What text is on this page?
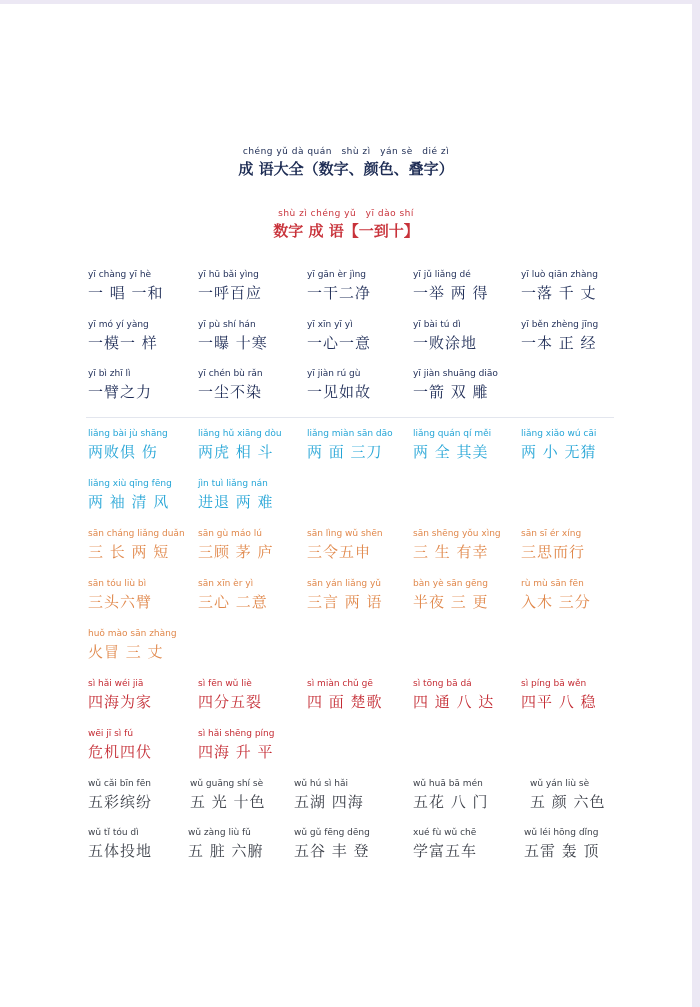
chéng yǔ dà quán　shù zì　yán sè　dié zì
成 语大全（数字、颜色、叠字）
shù zì chéng yǔ　yī dào shí
数字 成 语【一到十】
yī chàng yī hè
一 唱 一和
yī hū bǎi yìng
一呼百应
yī gān èr jìng
一干二净
yī jǔ liǎng dé
一举 两 得
yī luò qiān zhàng
一落 千 丈
yī mó yí yàng
一模一 样
yī pù shí hán
一曝 十寒
yī xīn yī yì
一心一意
yī bài tú dì
一败涂地
yī běn zhèng jīng
一本 正 经
yī bì zhī lì
一臂之力
yī chén bù rǎn
一尘不染
yī jiàn rú gù
一见如故
yī jiàn shuāng diāo
一箭 双 雕
liǎng bài jù shāng
两败俱 伤
liǎng hǔ xiāng dòu
两虎 相 斗
liǎng miàn sān dāo
两 面 三刀
liǎng quán qí měi
两 全 其美
liǎng xiǎo wú cāi
两 小 无猜
liǎng xiù qīng fēng
两 袖 清 风
jìn tuì liǎng nán
进退 两 难
sān cháng liǎng duǎn
三 长 两 短
sān gù máo lú
三顾 茅 庐
sān lìng wǔ shēn
三令五申
sān shēng yǒu xìng
三 生 有幸
sān sī ér xíng
三思而行
sān tóu liù bì
三头六臂
sān xīn èr yì
三心 二意
sān yán liǎng yǔ
三言 两 语
bàn yè sān gēng
半夜 三 更
rù mù sān fēn
入木 三分
huǒ mào sān zhàng
火冒 三 丈
sì hǎi wéi jiā
四海为家
sì fēn wǔ liè
四分五裂
sì miàn chǔ gē
四 面 楚歌
sì tōng bā dá
四 通 八 达
sì píng bā wěn
四平 八 稳
wēi jī sì fú
危机四伏
sì hǎi shēng píng
四海 升 平
wǔ cǎi bīn fēn
五彩缤纷
wǔ guāng shí sè
五 光 十色
wǔ hú sì hǎi
五湖 四海
wǔ huā bā mén
五花 八 门
wǔ yán liù sè
五 颜 六色
wǔ tǐ tóu dì
五体投地
wǔ zàng liù fǔ
五 脏 六腑
wǔ gǔ fēng dēng
五谷 丰 登
xué fù wǔ chē
学富五车
wǔ léi hōng dǐng
五雷 轰 顶
